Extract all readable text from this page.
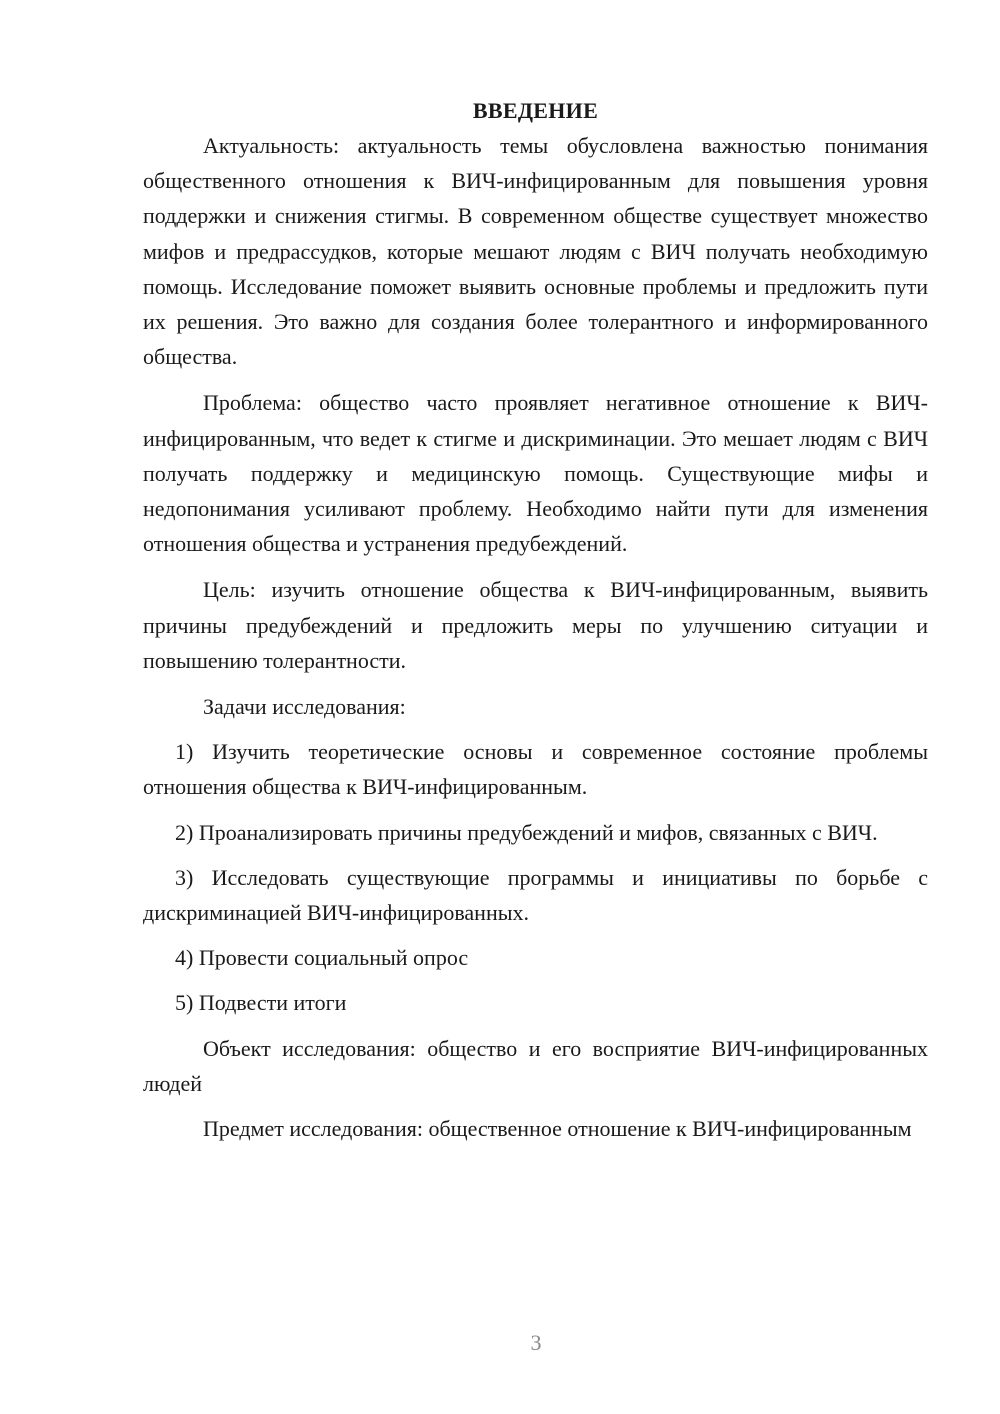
ВВЕДЕНИЕ

Актуальность: актуальность темы обусловлена важностью понимания общественного отношения к ВИЧ-инфицированным для повышения уровня поддержки и снижения стигмы. В современном обществе существует множество мифов и предрассудков, которые мешают людям с ВИЧ получать необходимую помощь. Исследование поможет выявить основные проблемы и предложить пути их решения. Это важно для создания более толерантного и информированного общества.

Проблема: общество часто проявляет негативное отношение к ВИЧ-инфицированным, что ведет к стигме и дискриминации. Это мешает людям с ВИЧ получать поддержку и медицинскую помощь. Существующие мифы и недопонимания усиливают проблему. Необходимо найти пути для изменения отношения общества и устранения предубеждений.

Цель: изучить отношение общества к ВИЧ-инфицированным, выявить причины предубеждений и предложить меры по улучшению ситуации и повышению толерантности.

Задачи исследования:

1) Изучить теоретические основы и современное состояние проблемы отношения общества к ВИЧ-инфицированным.

2) Проанализировать причины предубеждений и мифов, связанных с ВИЧ.

3) Исследовать существующие программы и инициативы по борьбе с дискриминацией ВИЧ-инфицированных.

4) Провести социальный опрос

5) Подвести итоги

Объект исследования: общество и его восприятие ВИЧ-инфицированных людей

Предмет исследования: общественное отношение к ВИЧ-инфицированным

3
